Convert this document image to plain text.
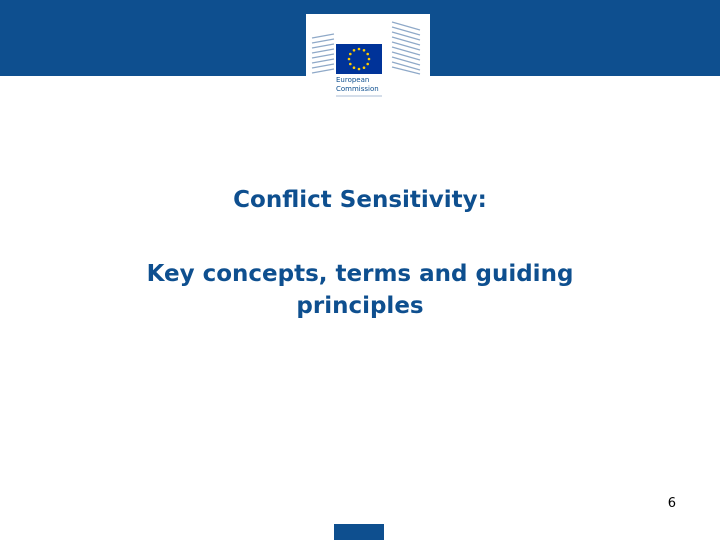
European
Commission

Conflict Sensitivity:

Key concepts, terms and guiding principles

6
